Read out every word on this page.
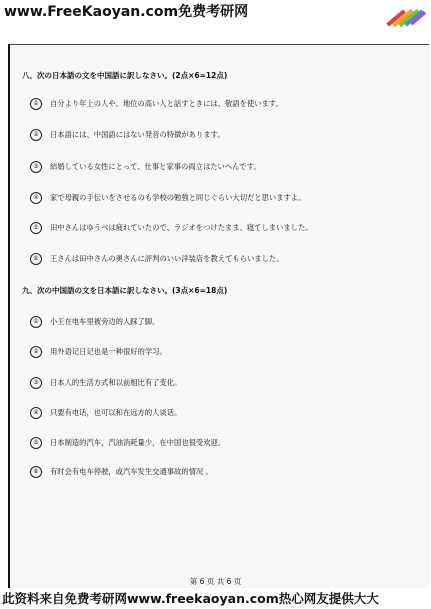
www.FreeKaoyan.com免费考研网
八、次の日本語の文を中国語に訳しなさい。(2点×6=12点)
① 自分より年上の人や、地位の高い人と話すときには、敬語を使います。
② 日本語には、中国語にはない発音の特徴があります。
③ 結婚している女性にとって、仕事と家事の両立はたいへんです。
④ 家で母親の手伝いをさせるのも学校の勉強と同じぐらい大切だと思いますよ。
⑤ 田中さんはゆうべは疲れていたので、ラジオをつけたまま、寝てしまいました。
⑥ 王さんは田中さんの奥さんに評判のいい洋装店を教えてもらいました。
九、次の中国語の文を日本語に訳しなさい。(3点×6=18点)
① 小王在电车里被旁边的人踩了脚。
② 用外语记日记也是一种很好的学习。
③ 日本人的生活方式和以前相比有了变化。
④ 只要有电话，也可以和在远方的人谈话。
⑤ 日本制造的汽车，汽油消耗量少，在中国也很受欢迎。
⑥ 有时会有电车停驶，或汽车发生交通事故的情况 。
第 6 页 共 6 页
此资料来自免费考研网www.freekaoyan.com热心网友提供大大
